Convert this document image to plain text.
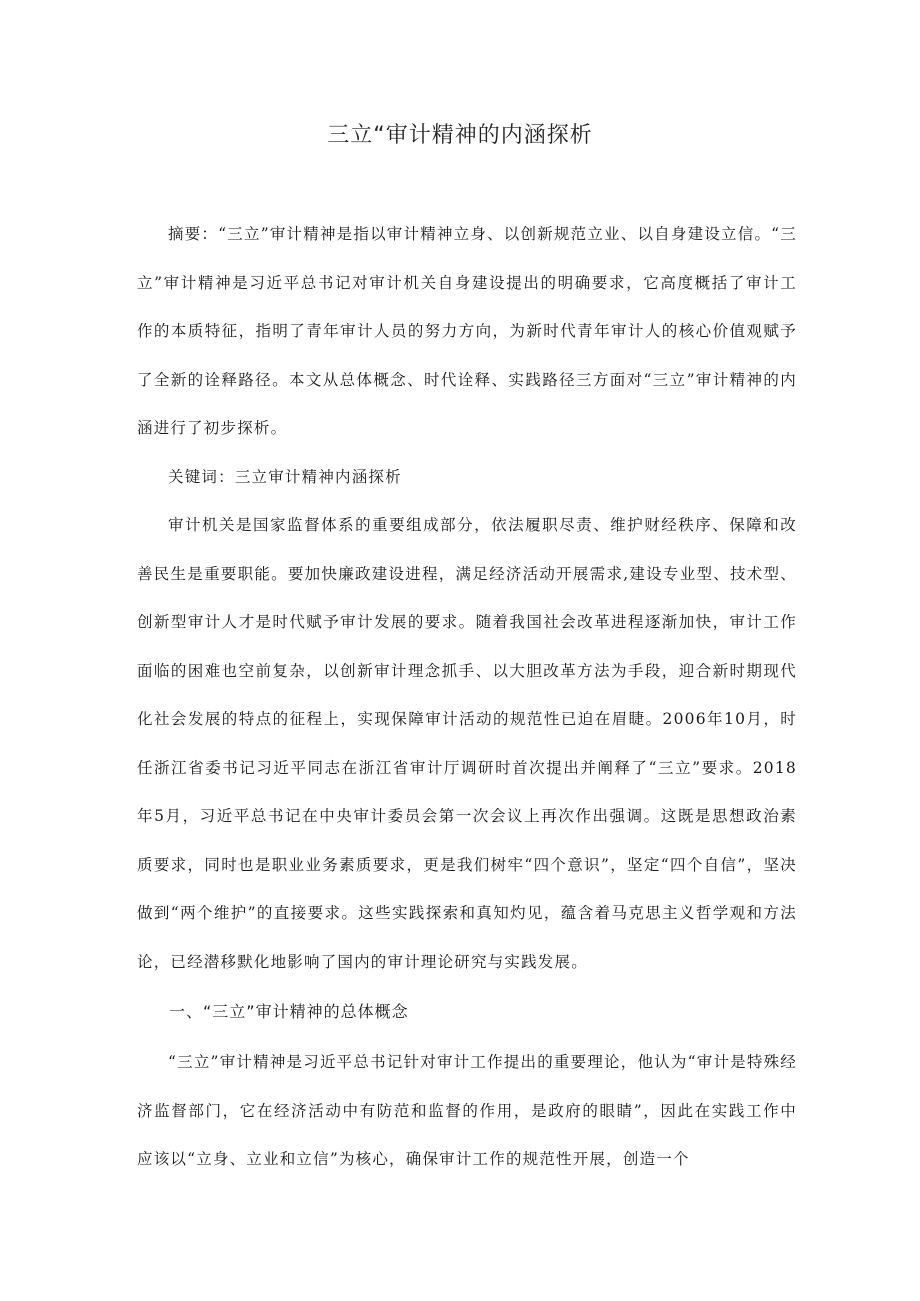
三立“审计精神的内涵探析

摘要：“三立”审计精神是指以审计精神立身、以创新规范立业、以自身建设立信。“三立”审计精神是习近平总书记对审计机关自身建设提出的明确要求，它高度概括了审计工作的本质特征，指明了青年审计人员的努力方向，为新时代青年审计人的核心价值观赋予了全新的诠释路径。本文从总体概念、时代诠释、实践路径三方面对“三立”审计精神的内涵进行了初步探析。

关键词：三立审计精神内涵探析

审计机关是国家监督体系的重要组成部分，依法履职尽责、维护财经秩序、保障和改善民生是重要职能。要加快廉政建设进程，满足经济活动开展需求,建设专业型、技术型、创新型审计人才是时代赋予审计发展的要求。随着我国社会改革进程逐渐加快，审计工作面临的困难也空前复杂，以创新审计理念抓手、以大胆改革方法为手段，迎合新时期现代化社会发展的特点的征程上，实现保障审计活动的规范性已迫在眉睫。2006年10月，时任浙江省委书记习近平同志在浙江省审计厅调研时首次提出并阐释了“三立”要求。2018年5月，习近平总书记在中央审计委员会第一次会议上再次作出强调。这既是思想政治素质要求，同时也是职业业务素质要求，更是我们树牢“四个意识”，坚定“四个自信”，坚决做到“两个维护”的直接要求。这些实践探索和真知灼见，蕴含着马克思主义哲学观和方法论，已经潜移默化地影响了国内的审计理论研究与实践发展。

一、“三立”审计精神的总体概念

“三立”审计精神是习近平总书记针对审计工作提出的重要理论，他认为“审计是特殊经济监督部门，它在经济活动中有防范和监督的作用，是政府的眼睛”，因此在实践工作中应该以“立身、立业和立信”为核心，确保审计工作的规范性开展，创造一个
